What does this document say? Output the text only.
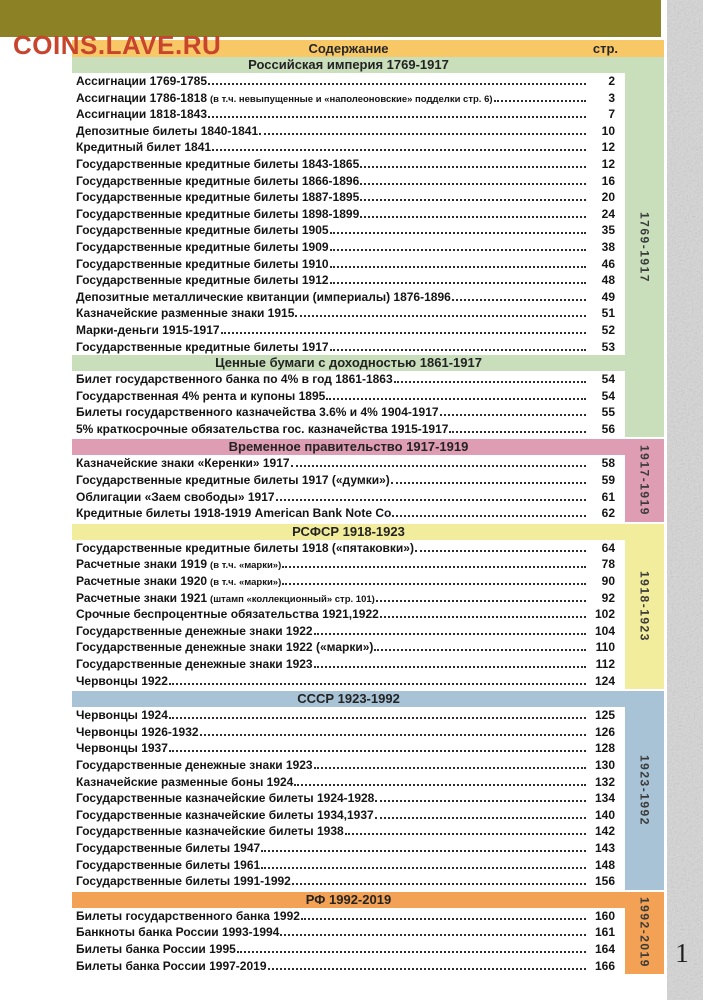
1
COINS.LAVE.RU	Содержание	стр.
Российская империя 1769-1917
Ассигнации 1769-1785	2
Ассигнации 1786-1818 (в т.ч. невыпущенные и «наполеоновские» подделки стр. 6)	3
Ассигнации 1818-1843	7
Депозитные билеты 1840-1841	10
Кредитный билет 1841	12
Государственные кредитные билеты 1843-1865	12
Государственные кредитные билеты 1866-1896	16
Государственные кредитные билеты 1887-1895	20
Государственные кредитные билеты 1898-1899	24
Государственные кредитные билеты 1905	35
Государственные кредитные билеты 1909	38
Государственные кредитные билеты 1910	46
Государственные кредитные билеты 1912	48
Депозитные металлические квитанции (империалы) 1876-1896	49
Казначейские разменные знаки 1915	51
Марки-деньги 1915-1917	52
Государственные кредитные билеты 1917	53
Ценные бумаги с доходностью 1861-1917
Билет государственного банка по 4% в год 1861-1863	54
Государственная 4% рента и купоны 1895	54
Билеты государственного казначейства 3.6% и 4% 1904-1917	55
5% краткосрочные обязательства гос. казначейства 1915-1917	56
1769-1917
Временное правительство 1917-1919
Казначейские знаки «Керенки» 1917	58
Государственные кредитные билеты 1917 («думки»)	59
Облигации «Заем свободы» 1917	61
Кредитные билеты 1918-1919 American Bank Note Co	62	1917-1919
РСФСР 1918-1923
Государственные кредитные билеты 1918 («пятаковки»)	64
Расчетные знаки 1919 (в т.ч. «марки»)	78
Расчетные знаки 1920 (в т.ч. «марки»)	90
Расчетные знаки 1921 (штамп «коллекционный» стр. 101)	92
Срочные беспроцентные обязательства 1921,1922	102
Государственные денежные знаки 1922	104
Государственные денежные знаки 1922 («марки»)	110
Государственные денежные знаки 1923	112
Червонцы 1922	124
1918-1923
СССР 1923-1992
Червонцы 1924	125
Червонцы 1926-1932	126
Червонцы 1937	128
Государственные денежные знаки 1923	130
Казначейские разменные боны 1924	132
Государственные казначейские билеты 1924-1928	134
Государственные казначейские билеты 1934,1937	140
Государственные казначейские билеты 1938	142
Государственные билеты 1947	143
Государственные билеты 1961	148
Государственные билеты 1991-1992	156
1923-1992
РФ 1992-2019
Билеты государственного банка 1992	160
Банкноты банка России 1993-1994	161
Билеты банка России 1995	164
Билеты банка России 1997-2019	166	1992-2019
